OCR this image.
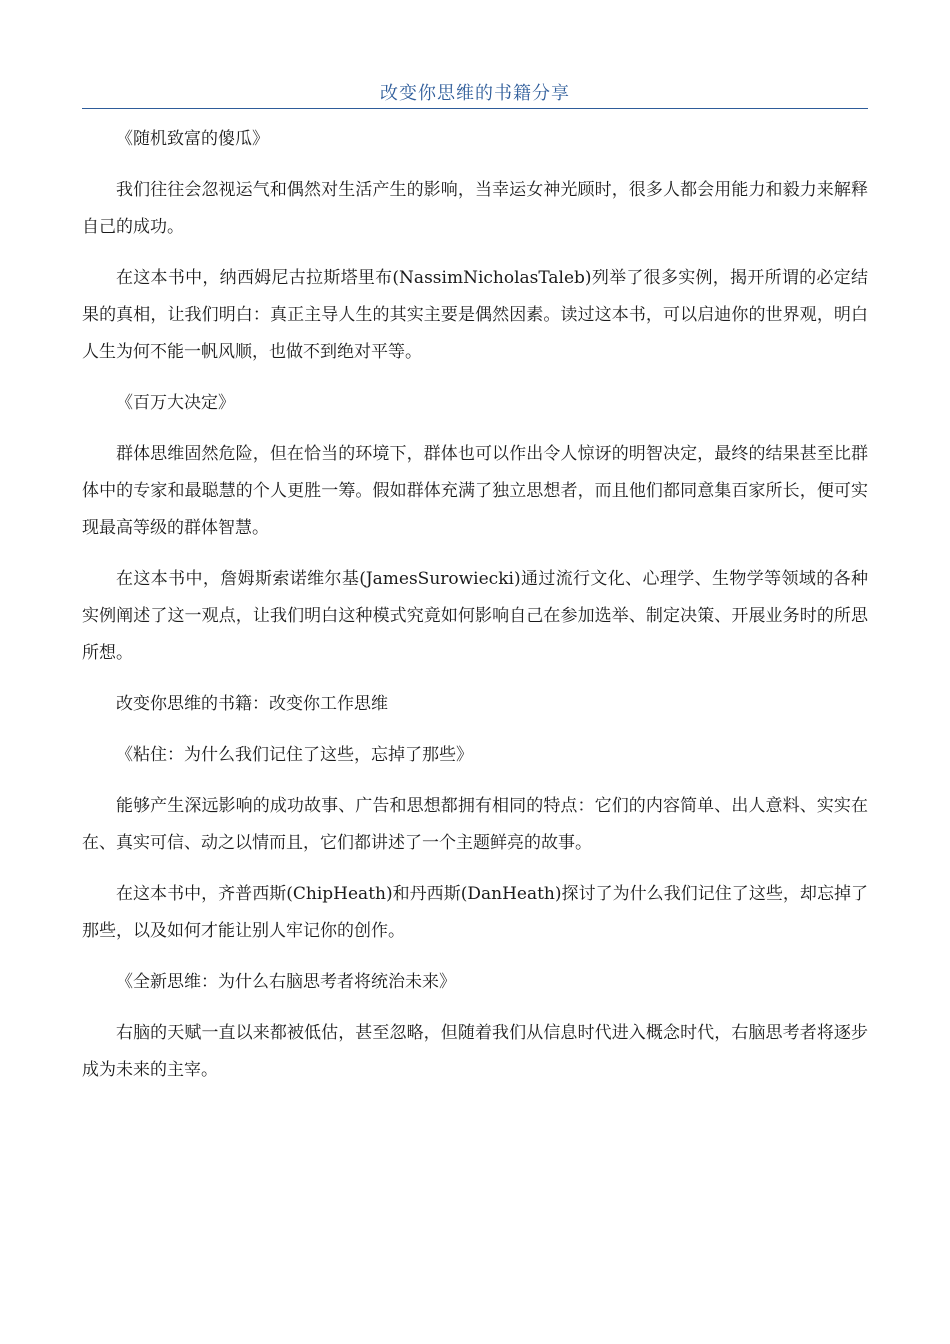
改变你思维的书籍分享

《随机致富的傻瓜》

我们往往会忽视运气和偶然对生活产生的影响，当幸运女神光顾时，很多人都会用能力和毅力来解释自己的成功。

在这本书中，纳西姆尼古拉斯塔里布(NassimNicholasTaleb)列举了很多实例，揭开所谓的必定结果的真相，让我们明白：真正主导人生的其实主要是偶然因素。读过这本书，可以启迪你的世界观，明白人生为何不能一帆风顺，也做不到绝对平等。

《百万大决定》

群体思维固然危险，但在恰当的环境下，群体也可以作出令人惊讶的明智决定，最终的结果甚至比群体中的专家和最聪慧的个人更胜一筹。假如群体充满了独立思想者，而且他们都同意集百家所长，便可实现最高等级的群体智慧。

在这本书中，詹姆斯索诺维尔基(JamesSurowiecki)通过流行文化、心理学、生物学等领域的各种实例阐述了这一观点，让我们明白这种模式究竟如何影响自己在参加选举、制定决策、开展业务时的所思所想。

改变你思维的书籍：改变你工作思维

《粘住：为什么我们记住了这些，忘掉了那些》

能够产生深远影响的成功故事、广告和思想都拥有相同的特点：它们的内容简单、出人意料、实实在在、真实可信、动之以情而且，它们都讲述了一个主题鲜亮的故事。

在这本书中，齐普西斯(ChipHeath)和丹西斯(DanHeath)探讨了为什么我们记住了这些，却忘掉了那些，以及如何才能让别人牢记你的创作。

《全新思维：为什么右脑思考者将统治未来》

右脑的天赋一直以来都被低估，甚至忽略，但随着我们从信息时代进入概念时代，右脑思考者将逐步成为未来的主宰。
